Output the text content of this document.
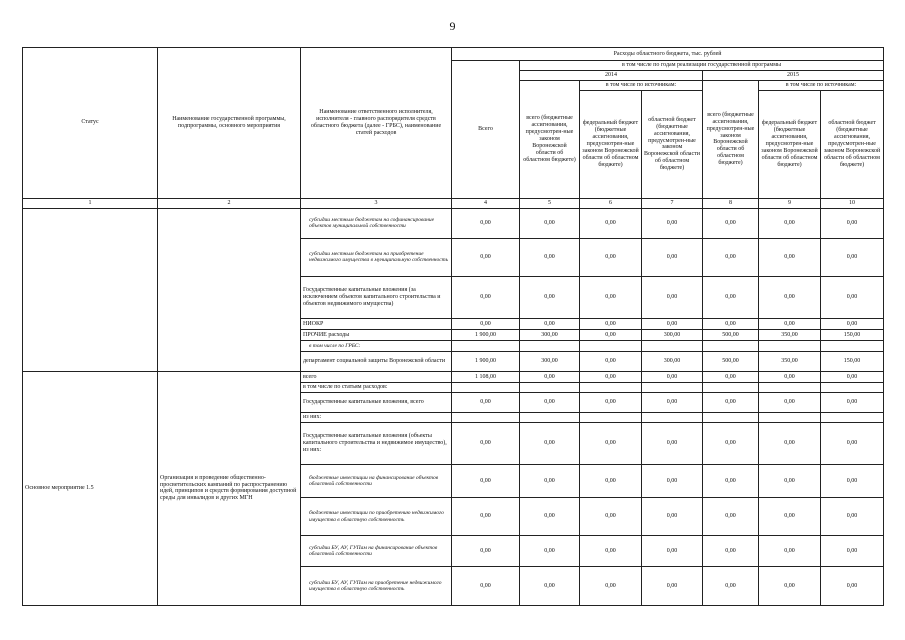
9
Статус	Наименование государственной программы, подпрограммы, основного мероприятия	Наименование ответственного исполнителя, исполнителя - главного распорядителя средств областного бюджета (далее - ГРБС), наименование статей расходов	Расходы областного бюджета, тыс. рублей						
			Всего	в том числе по годам реализации государственной программы					
				2014			2015		
				всего (бюджетные ассигнования, предусмотрен-ные законом Воронежской области об областном бюджете)	в том числе по источникам:		всего (бюджетные ассигнования, предусмотрен-ные законом Воронежской области об областном бюджете)	в том числе по источникам:	
					федеральный бюджет (бюджетные ассигнования, предусмотрен-ные законом Воронежской области об областном бюджете)	областной бюджет (бюджетные ассигнования, предусмотрен-ные законом Воронежской области об областном бюджете)		федеральный бюджет (бюджетные ассигнования, предусмотрен-ные законом Воронежской области об областном бюджете)	областной бюджет (бюджетные ассигнования, предусмотрен-ные законом Воронежской области об областном бюджете)
1	2	3	4	5	6	7	8	9	10
		субсидии местным бюджетам на софинансирование объектов муниципальной собственности	0,00	0,00	0,00	0,00	0,00	0,00	0,00
		субсидии местным бюджетам на приобретение недвижимого имущества в муниципальную собственность	0,00	0,00	0,00	0,00	0,00	0,00	0,00
		Государственные капитальные вложения (за исключением объектов капитального строительства и объектов недвижимого имущества)	0,00	0,00	0,00	0,00	0,00	0,00	0,00
		НИОКР	0,00	0,00	0,00	0,00	0,00	0,00	0,00
		ПРОЧИЕ расходы	1 900,00	300,00	0,00	300,00	500,00	350,00	150,00
		в том числе по ГРБС:							
		департамент социальной защиты Воронежской области	1 900,00	300,00	0,00	300,00	500,00	350,00	150,00
Основное мероприятие 1.5	Организация и проведение общественно-просветительских кампаний по распространению идей, принципов и средств формирования доступной среды для инвалидов и других МГН	всего	1 108,00	0,00	0,00	0,00	0,00	0,00	0,00
		в том числе по статьям расходов:							
		Государственные капитальные вложения, всего	0,00	0,00	0,00	0,00	0,00	0,00	0,00
		из них:							
		Государственные капитальные вложения (объекты капитального строительства и недвижимое имущество), из них:	0,00	0,00	0,00	0,00	0,00	0,00	0,00
		бюджетные инвестиции на финансирование объектов областной собственности	0,00	0,00	0,00	0,00	0,00	0,00	0,00
		бюджетные инвестиции по приобретению недвижимого имущества в областную собственность	0,00	0,00	0,00	0,00	0,00	0,00	0,00
		субсидии БУ, АУ, ГУПам на финансирование объектов областной собственности	0,00	0,00	0,00	0,00	0,00	0,00	0,00
		субсидии БУ, АУ, ГУПам на приобретение недвижимого имущества в областную собственность	0,00	0,00	0,00	0,00	0,00	0,00	0,00
